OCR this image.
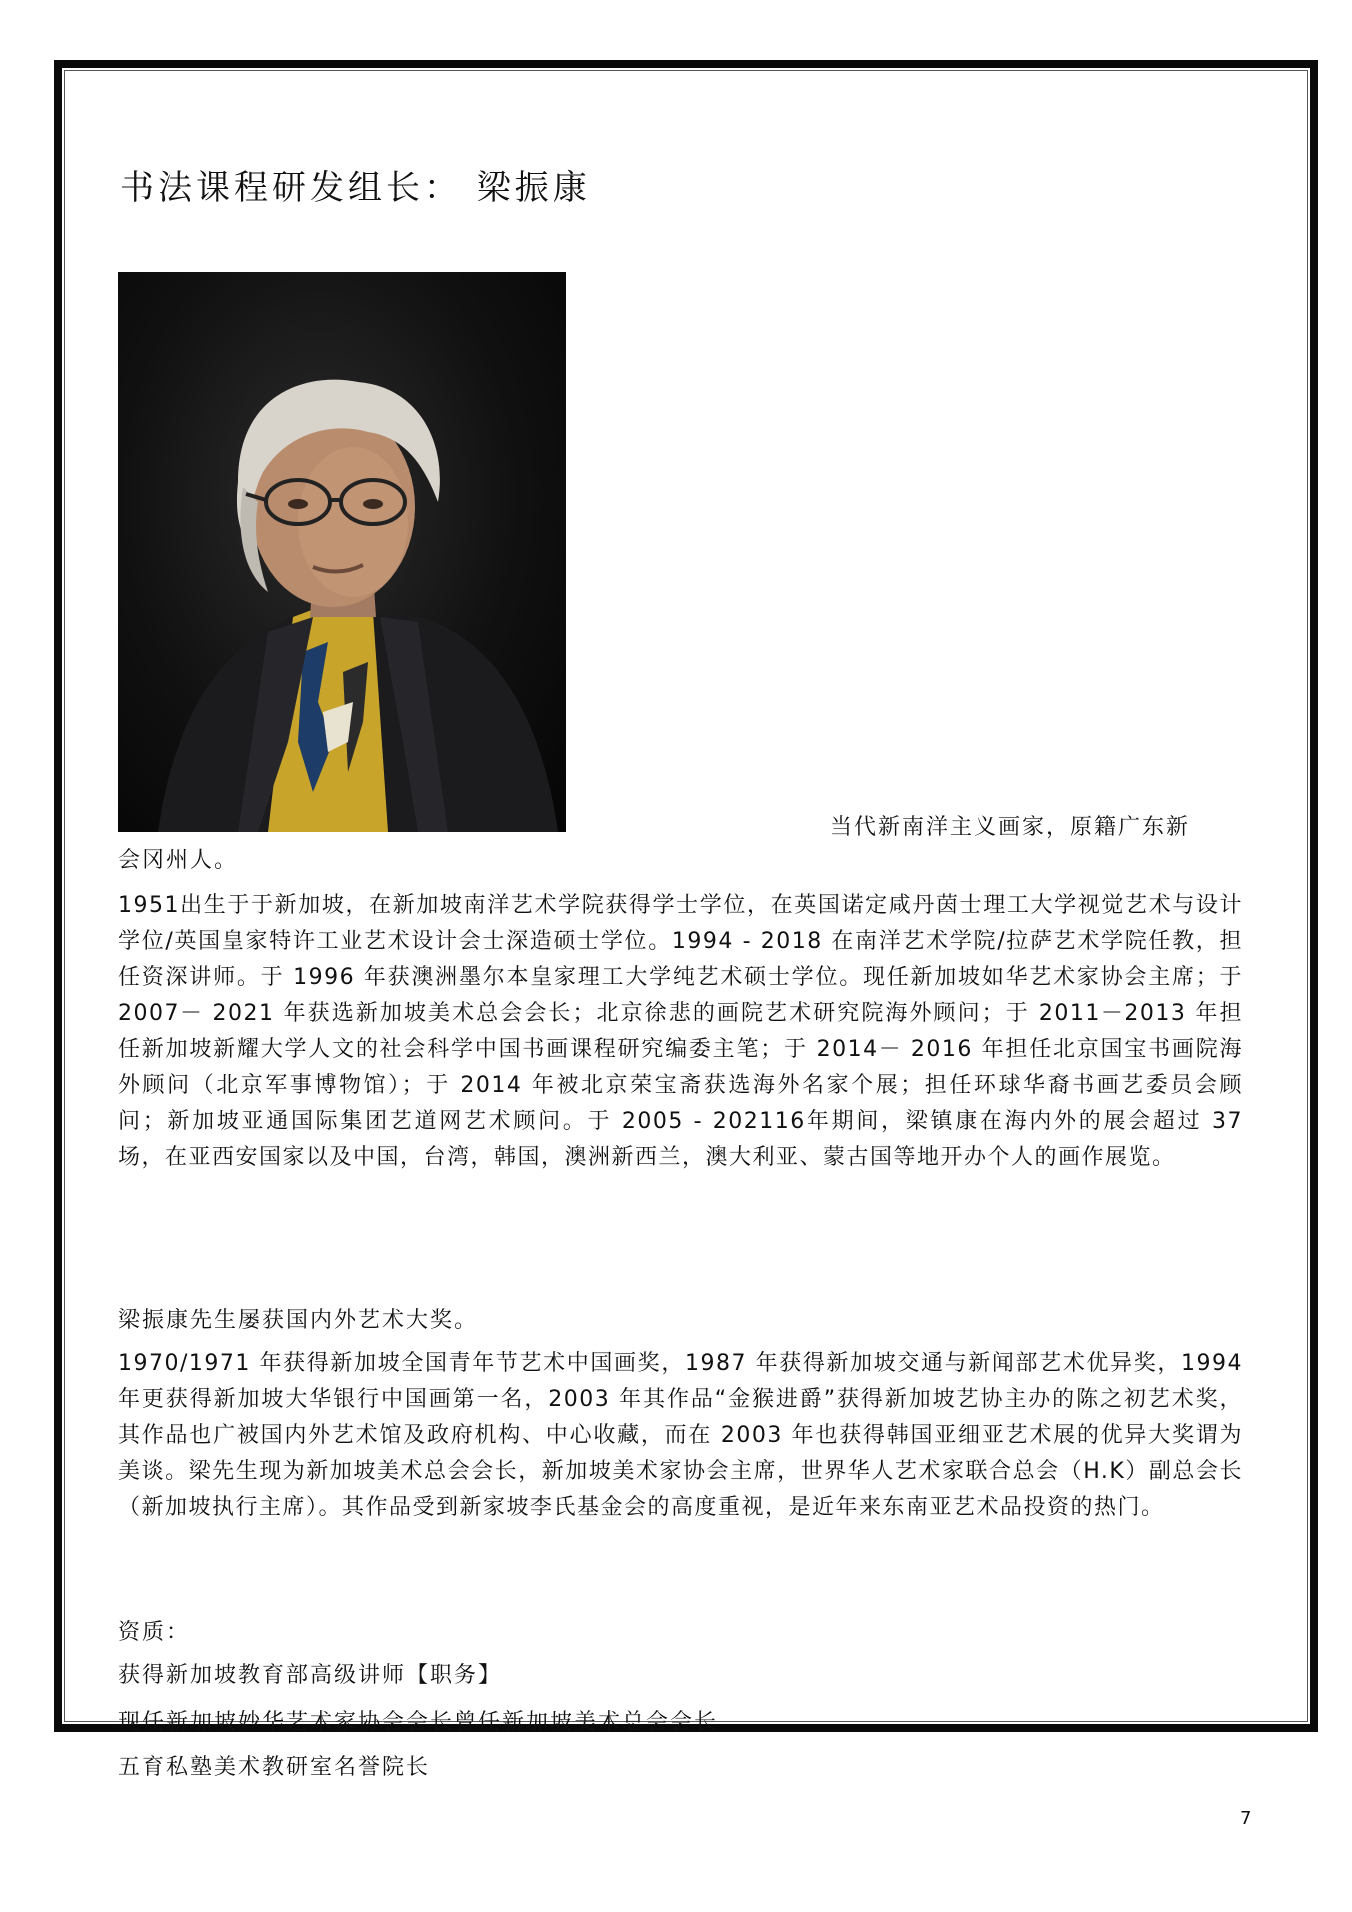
书法课程研发组长： 梁振康
当代新南洋主义画家，原籍广东新
会冈州人。
1951出生于于新加坡，在新加坡南洋艺术学院获得学士学位，在英国诺定咸丹茵士理工大学视觉艺术与设计学位/英国皇家特许工业艺术设计会士深造硕士学位。1994 - 2018 在南洋艺术学院/拉萨艺术学院任教，担任资深讲师。于 1996 年获澳洲墨尔本皇家理工大学纯艺术硕士学位。现任新加坡如华艺术家协会主席；于2007－ 2021 年获选新加坡美术总会会长；北京徐悲的画院艺术研究院海外顾问；于 2011－2013 年担任新加坡新耀大学人文的社会科学中国书画课程研究编委主笔；于 2014－ 2016 年担任北京国宝书画院海外顾问（北京军事博物馆）；于 2014 年被北京荣宝斋获选海外名家个展；担任环球华裔书画艺委员会顾问；新加坡亚通国际集团艺道网艺术顾问。于 2005 - 202116年期间，梁镇康在海内外的展会超过 37 场，在亚西安国家以及中国，台湾，韩国，澳洲新西兰，澳大利亚、蒙古国等地开办个人的画作展览。
梁振康先生屡获国内外艺术大奖。
1970/1971 年获得新加坡全国青年节艺术中国画奖，1987 年获得新加坡交通与新闻部艺术优异奖，1994 年更获得新加坡大华银行中国画第一名，2003 年其作品“金猴进爵”获得新加坡艺协主办的陈之初艺术奖，其作品也广被国内外艺术馆及政府机构、中心收藏，而在 2003 年也获得韩国亚细亚艺术展的优异大奖谓为美谈。梁先生现为新加坡美术总会会长，新加坡美术家协会主席，世界华人艺术家联合总会（H.K）副总会长（新加坡执行主席）。其作品受到新家坡李氏基金会的高度重视，是近年来东南亚艺术品投资的热门。
资质：
获得新加坡教育部高级讲师【职务】
现任新加坡妙华艺术家协会会长曾任新加坡美术总会会长
五育私塾美术教研室名誉院长
7
